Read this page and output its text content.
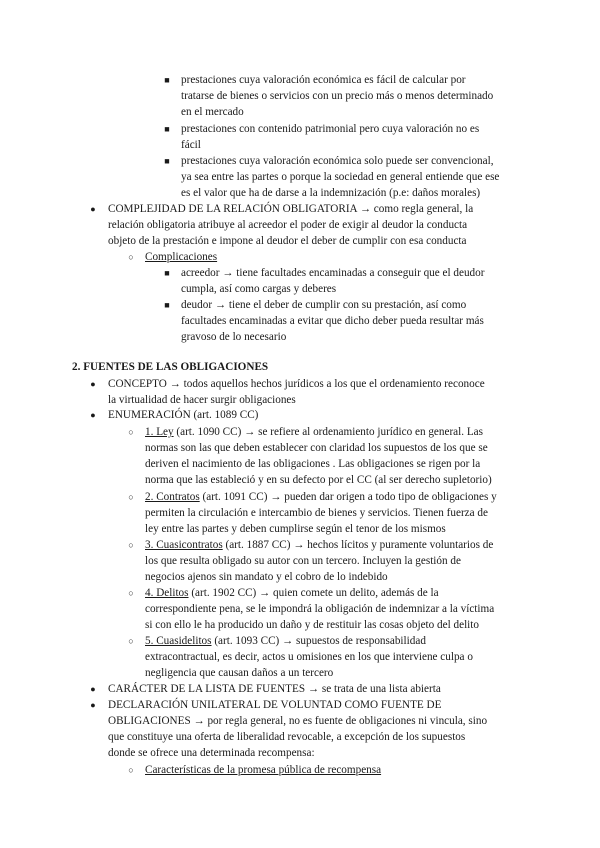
■	prestaciones cuya valoración económica es fácil de calcular por
tratarse de bienes o servicios con un precio más o menos determinado
en el mercado
■	prestaciones con contenido patrimonial pero cuya valoración no es
fácil
■	prestaciones cuya valoración económica solo puede ser convencional,
ya sea entre las partes o porque la sociedad en general entiende que ese
es el valor que ha de darse a la indemnización (p.e: daños morales)
●	COMPLEJIDAD DE LA RELACIÓN OBLIGATORIA → como regla general, la
relación obligatoria atribuye al acreedor el poder de exigir al deudor la conducta
objeto de la prestación e impone al deudor el deber de cumplir con esa conducta
○	Complicaciones
■	acreedor → tiene facultades encaminadas a conseguir que el deudor
cumpla, así como cargas y deberes
■	deudor → tiene el deber de cumplir con su prestación, así como
facultades encaminadas a evitar que dicho deber pueda resultar más
gravoso de lo necesario
2. FUENTES DE LAS OBLIGACIONES
●	CONCEPTO → todos aquellos hechos jurídicos a los que el ordenamiento reconoce
la virtualidad de hacer surgir obligaciones
●	ENUMERACIÓN (art. 1089 CC)
○	1. Ley (art. 1090 CC) → se refiere al ordenamiento jurídico en general. Las
normas son las que deben establecer con claridad los supuestos de los que se
deriven el nacimiento de las obligaciones . Las obligaciones se rigen por la
norma que las estableció y en su defecto por el CC (al ser derecho supletorio)
○	2. Contratos (art. 1091 CC) → pueden dar origen a todo tipo de obligaciones y
permiten la circulación e intercambio de bienes y servicios. Tienen fuerza de
ley entre las partes y deben cumplirse según el tenor de los mismos
○	3. Cuasicontratos (art. 1887 CC) → hechos lícitos y puramente voluntarios de
los que resulta obligado su autor con un tercero. Incluyen la gestión de
negocios ajenos sin mandato y el cobro de lo indebido
○	4. Delitos (art. 1902 CC) → quien comete un delito, además de la
correspondiente pena, se le impondrá la obligación de indemnizar a la víctima
si con ello le ha producido un daño y de restituir las cosas objeto del delito
○	5. Cuasidelitos (art. 1093 CC) → supuestos de responsabilidad
extracontractual, es decir, actos u omisiones en los que interviene culpa o
negligencia que causan daños a un tercero
●	CARÁCTER DE LA LISTA DE FUENTES → se trata de una lista abierta
●	DECLARACIÓN UNILATERAL DE VOLUNTAD COMO FUENTE DE
OBLIGACIONES → por regla general, no es fuente de obligaciones ni vincula, sino
que constituye una oferta de liberalidad revocable, a excepción de los supuestos
donde se ofrece una determinada recompensa:
○	Características de la promesa pública de recompensa
